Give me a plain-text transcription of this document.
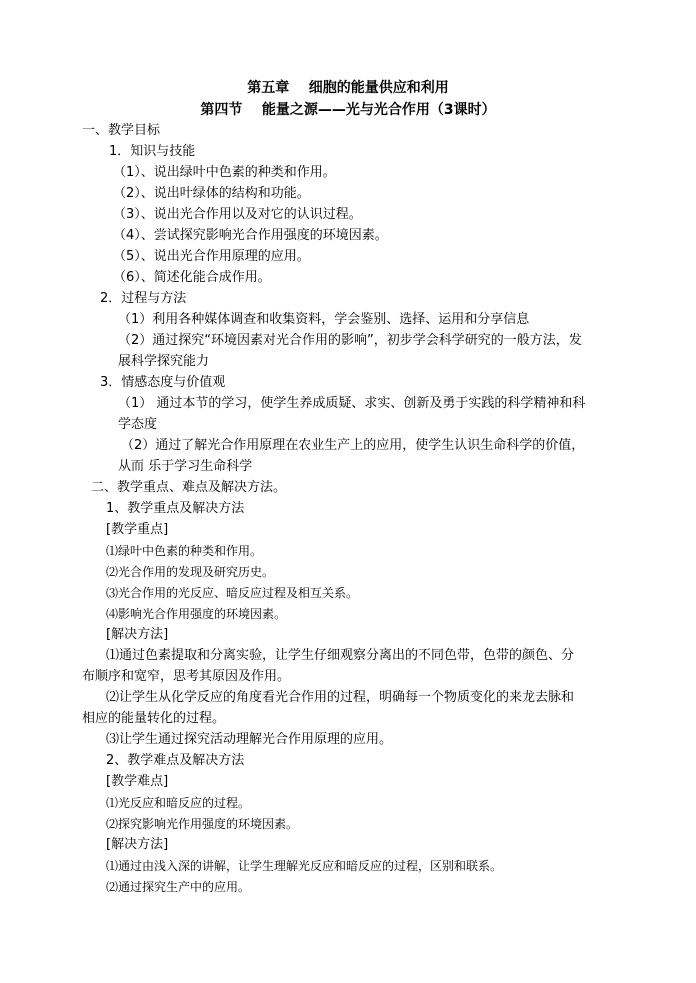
第五章    细胞的能量供应和利用
第四节    能量之源——光与光合作用（3课时）
一、教学目标
1．知识与技能
（1）、说出绿叶中色素的种类和作用。
（2）、说出叶绿体的结构和功能。
（3）、说出光合作用以及对它的认识过程。
（4）、尝试探究影响光合作用强度的环境因素。
（5）、说出光合作用原理的应用。
（6）、简述化能合成作用。
2．过程与方法
（1）利用各种媒体调查和收集资料，学会鉴别、选择、运用和分享信息
（2）通过探究“环境因素对光合作用的影响”，初步学会科学研究的一般方法，发
展科学探究能力
3．情感态度与价值观
（1） 通过本节的学习，使学生养成质疑、求实、创新及勇于实践的科学精神和科
学态度
（2）通过了解光合作用原理在农业生产上的应用，使学生认识生命科学的价值，
从而 乐于学习生命科学
二、教学重点、难点及解决方法。
1、教学重点及解决方法
[教学重点]
⑴绿叶中色素的种类和作用。
⑵光合作用的发现及研究历史。
⑶光合作用的光反应、暗反应过程及相互关系。
⑷影响光合作用强度的环境因素。
[解决方法]
⑴通过色素提取和分离实验，让学生仔细观察分离出的不同色带，色带的颜色、分
布顺序和宽窄，思考其原因及作用。
⑵让学生从化学反应的角度看光合作用的过程，明确每一个物质变化的来龙去脉和
相应的能量转化的过程。
⑶让学生通过探究活动理解光合作用原理的应用。
2、教学难点及解决方法
[教学难点]
⑴光反应和暗反应的过程。
⑵探究影响光作用强度的环境因素。
[解决方法]
⑴通过由浅入深的讲解，让学生理解光反应和暗反应的过程，区别和联系。
⑵通过探究生产中的应用。
